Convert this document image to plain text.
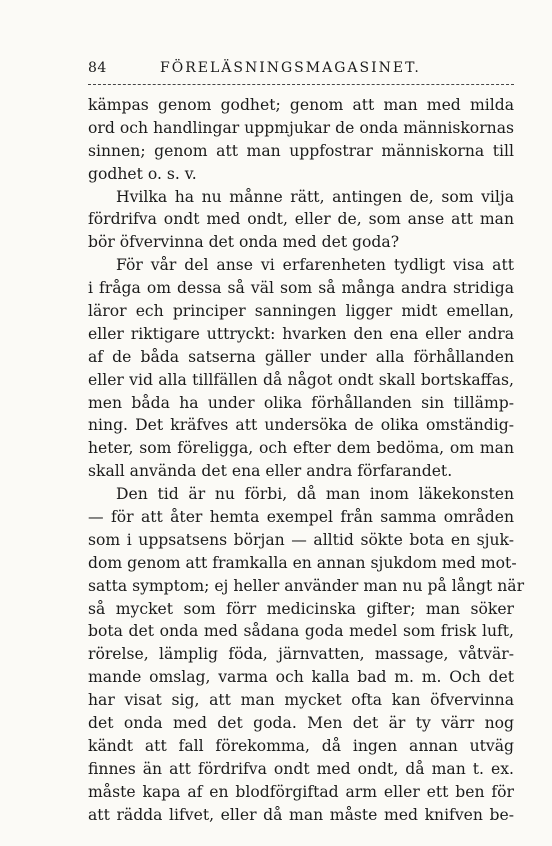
84	FÖRELÄSNINGSMAGASINET.
kämpas genom godhet; genom att man med milda
ord och handlingar uppmjukar de onda människornas
sinnen; genom att man uppfostrar människorna till
godhet o. s. v.
Hvilka ha nu månne rätt, antingen de, som vilja
fördrifva ondt med ondt, eller de, som anse att man
bör öfvervinna det onda med det goda?
För vår del anse vi erfarenheten tydligt visa att
i fråga om dessa så väl som så många andra stridiga
läror ech principer sanningen ligger midt emellan,
eller riktigare uttryckt: hvarken den ena eller andra
af de båda satserna gäller under alla förhållanden
eller vid alla tillfällen då något ondt skall bortskaffas,
men båda ha under olika förhållanden sin tillämp-
ning. Det kräfves att undersöka de olika omständig-
heter, som föreligga, och efter dem bedöma, om man
skall använda det ena eller andra förfarandet.
Den tid är nu förbi, då man inom läkekonsten
— för att åter hemta exempel från samma områden
som i uppsatsens början — alltid sökte bota en sjuk-
dom genom att framkalla en annan sjukdom med mot-
satta symptom; ej heller använder man nu på långt när
så mycket som förr medicinska gifter; man söker
bota det onda med sådana goda medel som frisk luft,
rörelse, lämplig föda, järnvatten, massage, våtvär-
mande omslag, varma och kalla bad m. m. Och det
har visat sig, att man mycket ofta kan öfvervinna
det onda med det goda. Men det är ty värr nog
kändt att fall förekomma, då ingen annan utväg
finnes än att fördrifva ondt med ondt, då man t. ex.
måste kapa af en blodförgiftad arm eller ett ben för
att rädda lifvet, eller då man måste med knifven be-
